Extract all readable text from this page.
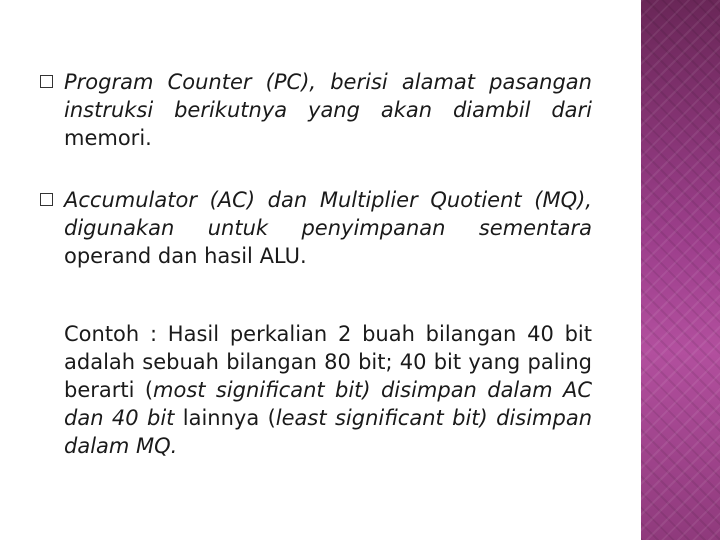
Program Counter (PC), berisi alamat pasangan instruksi berikutnya yang akan diambil dari memori.
Accumulator (AC) dan Multiplier Quotient (MQ), digunakan untuk penyimpanan sementara operand dan hasil ALU.
Contoh : Hasil perkalian 2 buah bilangan 40 bit adalah sebuah bilangan 80 bit; 40 bit yang paling berarti (most significant bit) disimpan dalam AC dan 40 bit lainnya (least significant bit) disimpan dalam MQ.
